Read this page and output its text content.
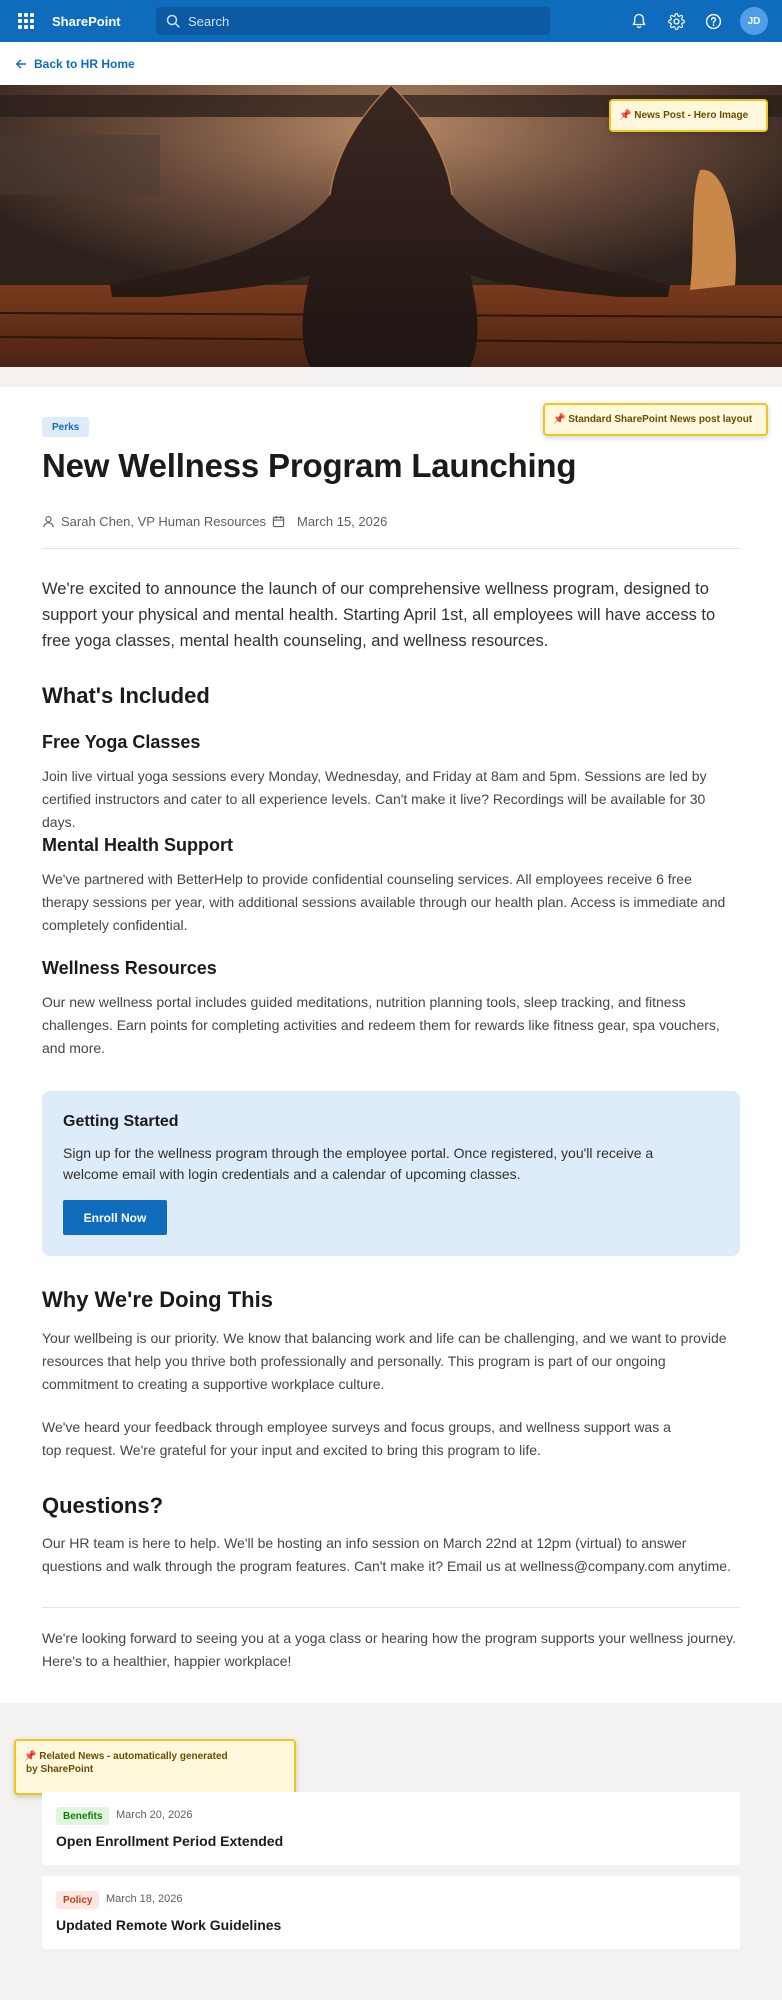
SharePoint
Search	JD
Back to HR Home
📌 News Post - Hero Image
Perks
New Wellness Program Launching
Sarah Chen, VP Human Resources March 15, 2026

We're excited to announce the launch of our comprehensive wellness program, designed to support your physical and mental health. Starting April 1st, all employees will have access to free yoga classes, mental health counseling, and wellness resources.

What's Included
Free Yoga Classes

Join live virtual yoga sessions every Monday, Wednesday, and Friday at 8am and 5pm. Sessions are led by certified instructors and cater to all experience levels. Can't make it live? Recordings will be available for 30 days.

Mental Health Support

We've partnered with BetterHelp to provide confidential counseling services. All employees receive 6 free therapy sessions per year, with additional sessions available through our health plan. Access is immediate and completely confidential.

Wellness Resources

Our new wellness portal includes guided meditations, nutrition planning tools, sleep tracking, and fitness challenges. Earn points for completing activities and redeem them for rewards like fitness gear, spa vouchers, and more.

Getting Started
Sign up for the wellness program through the employee portal. Once registered, you'll receive a welcome email with login credentials and a calendar of upcoming classes.
Enroll Now
Why We're Doing This

Your wellbeing is our priority. We know that balancing work and life can be challenging, and we want to provide resources that help you thrive both professionally and personally. This program is part of our ongoing commitment to creating a supportive workplace culture.

We've heard your feedback through employee surveys and focus groups, and wellness support was a top request. We're grateful for your input and excited to bring this program to life.

Questions?

Our HR team is here to help. We'll be hosting an info session on March 22nd at 12pm (virtual) to answer questions and walk through the program features. Can't make it? Email us at wellness@company.com anytime.

We're looking forward to seeing you at a yoga class or hearing how the program supports your wellness journey. Here's to a healthier, happier workplace!

📌 Standard SharePoint News post layout
📌 Related News - automatically generated
by SharePoint
Benefits	March 20, 2026
Open Enrollment Period Extended
Policy	March 18, 2026
Updated Remote Work Guidelines
